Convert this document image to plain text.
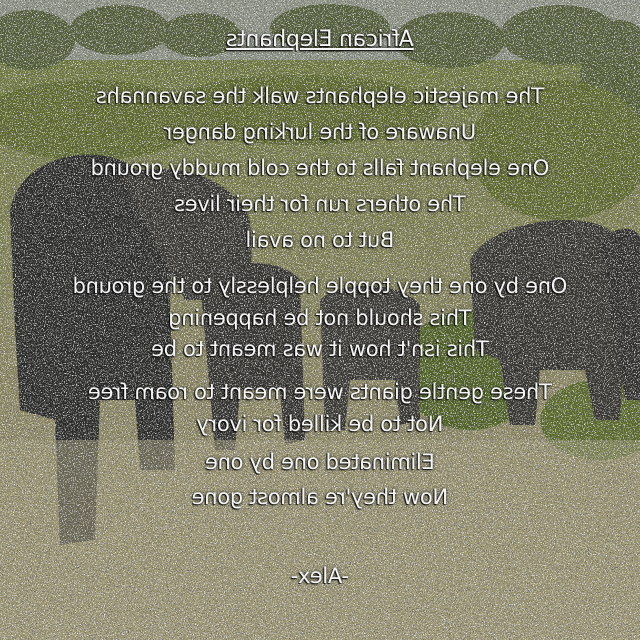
African Elephants
The majestic elephants walk the savannahs
Unaware of the lurking danger
One elephant falls to the cold muddy ground
The others run for their lives
But to no avail
One by one they topple helplessly to the ground
This should not be happening
This isn't how it was meant to be
These gentle giants were meant to roam free
Not to be killed for ivory
Eliminated one by one
Now they're almost gone
-Alex-
